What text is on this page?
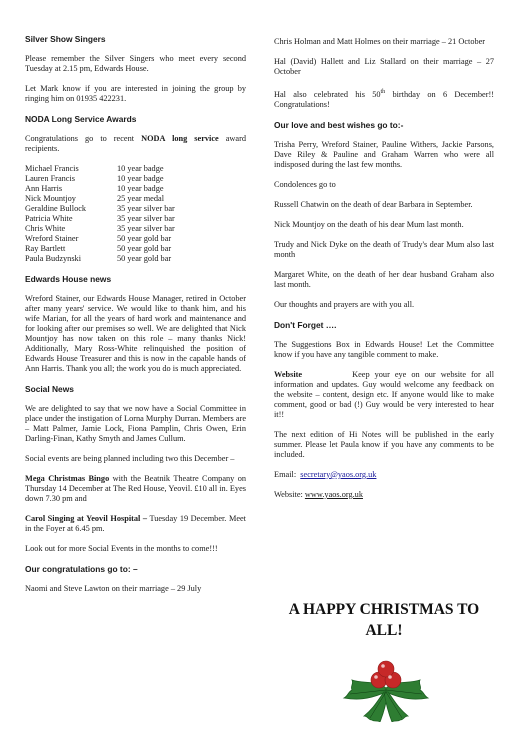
Silver Show Singers

Please remember the Silver Singers who meet every second Tuesday at 2.15 pm, Edwards House.

Let Mark know if you are interested in joining the group by ringing him on 01935 422231.

NODA Long Service Awards

Congratulations go to recent NODA long service award recipients.

Michael Francis	10 year badge
Lauren Francis	10 year badge
Ann Harris	10 year badge
Nick Mountjoy	25 year medal
Geraldine Bullock	35 year silver bar
Patricia White	35 year silver bar
Chris White	35 year silver bar
Wreford Stainer	50 year gold bar
Ray Bartlett	50 year gold bar
Paula Budzynski	50 year gold bar
Edwards House news

Wreford Stainer, our Edwards House Manager, retired in October after many years' service. We would like to thank him, and his wife Marian, for all the years of hard work and maintenance and for looking after our premises so well. We are delighted that Nick Mountjoy has now taken on this role – many thanks Nick! Additionally, Mary Ross-White relinquished the position of Edwards House Treasurer and this is now in the capable hands of Ann Harris. Thank you all; the work you do is much appreciated.

Social News

We are delighted to say that we now have a Social Committee in place under the instigation of Lorna Murphy Durran. Members are – Matt Palmer, Jamie Lock, Fiona Pamplin, Chris Owen, Erin Darling-Finan, Kathy Smyth and James Cullum.

Social events are being planned including two this December –

Mega Christmas Bingo with the Beatnik Theatre Company on Thursday 14 December at The Red House, Yeovil. £10 all in. Eyes down 7.30 pm and

Carol Singing at Yeovil Hospital – Tuesday 19 December. Meet in the Foyer at 6.45 pm.

Look out for more Social Events in the months to come!!!

Our congratulations go to: –

Naomi and Steve Lawton on their marriage – 29 July

Chris Holman and Matt Holmes on their marriage – 21 October

Hal (David) Hallett and Liz Stallard on their marriage – 27 October

Hal also celebrated his 50th birthday on 6 December!! Congratulations!

Our love and best wishes go to:-

Trisha Perry, Wreford Stainer, Pauline Withers, Jackie Parsons, Dave Riley & Pauline and Graham Warren who were all indisposed during the last few months.

Condolences go to

Russell Chatwin on the death of dear Barbara in September.

Nick Mountjoy on the death of his dear Mum last month.

Trudy and Nick Dyke on the death of Trudy's dear Mum also last month

Margaret White, on the death of her dear husband Graham also last month.

Our thoughts and prayers are with you all.

Don't Forget ….

The Suggestions Box in Edwards House! Let the Committee know if you have any tangible comment to make.

Website	Keep your eye on our website for all information and updates. Guy would welcome any feedback on the website – content, design etc. If anyone would like to make comment, good or bad (!) Guy would be very interested to hear it!!

The next edition of Hi Notes will be published in the early summer. Please let Paula know if you have any comments to be included.

Email: secretary@yaos.org.uk

Website: www.yaos.org.uk

A HAPPY CHRISTMAS TO
ALL!
